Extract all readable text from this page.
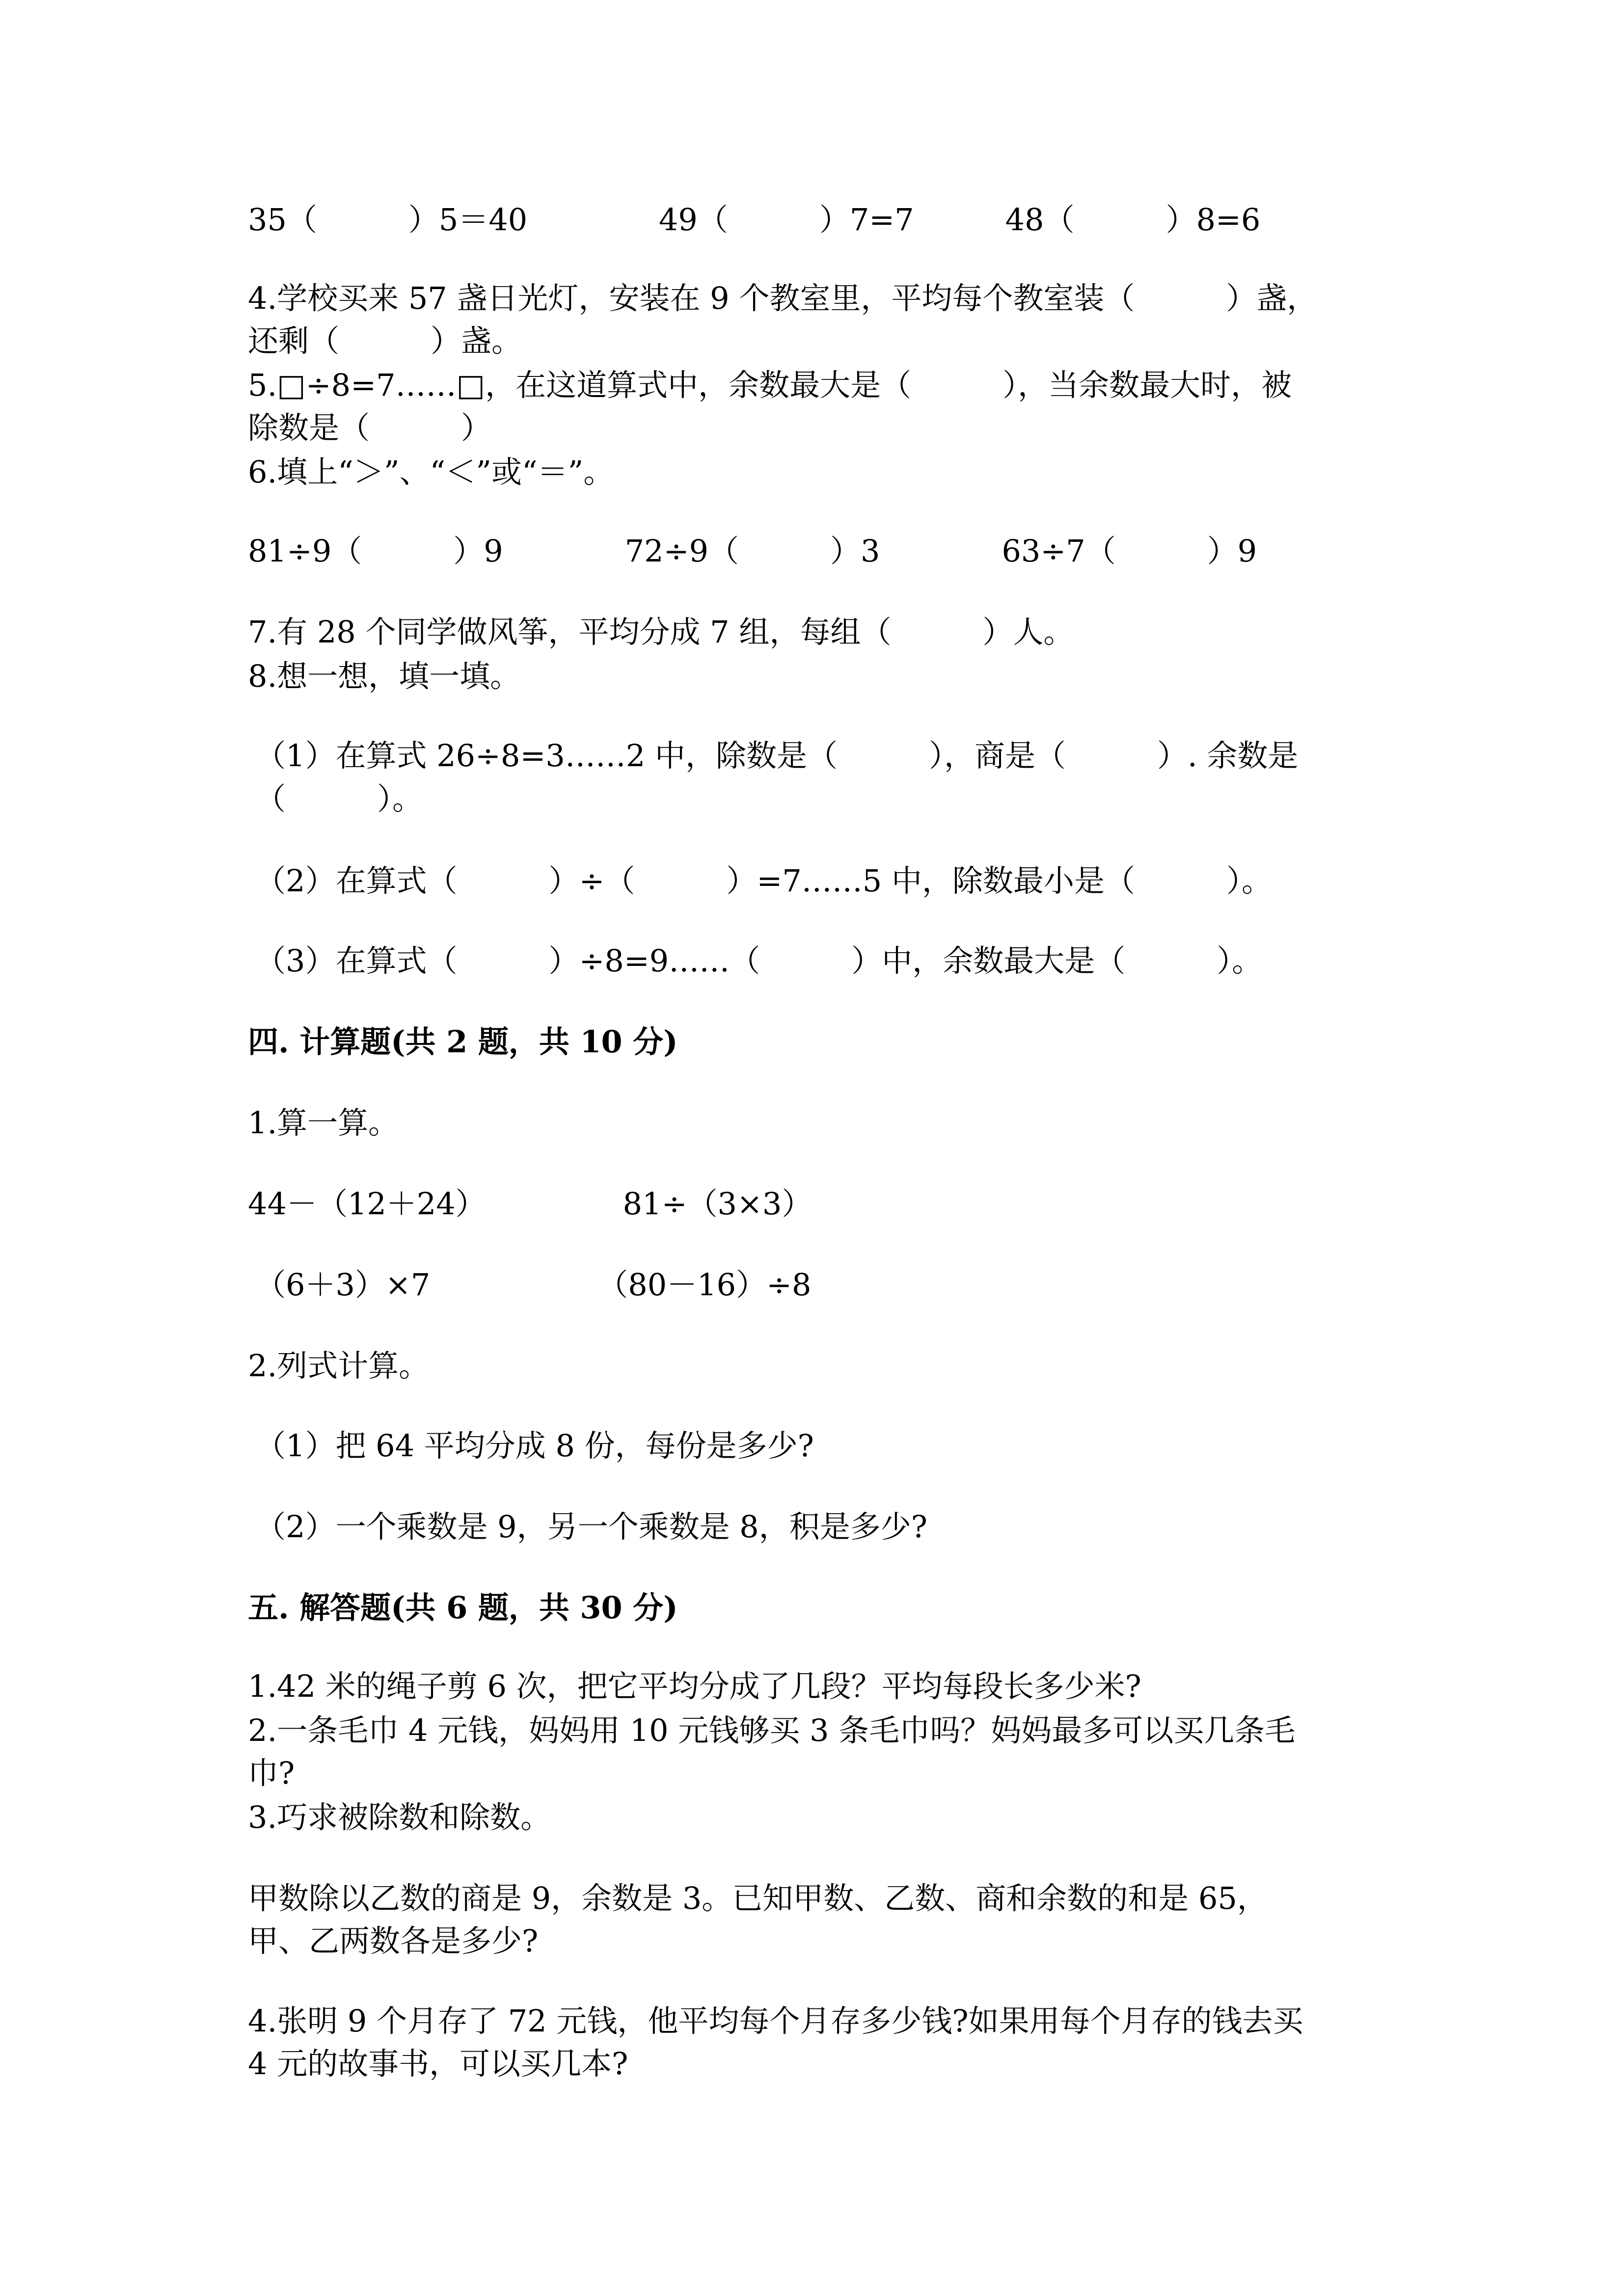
35（　　　）5＝40　　　　 49（　　　）7=7　　　48（　　　）8=6

4.学校买来 57 盏日光灯，安装在 9 个教室里，平均每个教室装（　　　）盏，

还剩（　　　）盏。

5.□÷8=7……□，在这道算式中，余数最大是（　　　），当余数最大时，被

除数是（　　　）

6.填上“＞”、“＜”或“＝”。

81÷9（　　　）9　　　　72÷9（　　　）3　　　　63÷7（　　　）9

7.有 28 个同学做风筝，平均分成 7 组，每组（　　　）人。

8.想一想，填一填。

（1）在算式 26÷8=3……2 中，除数是（　　　），商是（　　　）. 余数是

（　　　）。

（2）在算式（　　　）÷（　　　）=7……5 中，除数最小是（　　　）。

（3）在算式（　　　）÷8=9……（　　　）中，余数最大是（　　　）。

四. 计算题(共 2 题，共 10 分)

1.算一算。

44－（12＋24）　　　　　81÷（3×3）

（6＋3）×7　　　　　　（80－16）÷8

2.列式计算。

（1）把 64 平均分成 8 份，每份是多少?

（2）一个乘数是 9，另一个乘数是 8，积是多少?

五. 解答题(共 6 题，共 30 分)

1.42 米的绳子剪 6 次，把它平均分成了几段？平均每段长多少米?

2.一条毛巾 4 元钱，妈妈用 10 元钱够买 3 条毛巾吗？妈妈最多可以买几条毛

巾?

3.巧求被除数和除数。

甲数除以乙数的商是 9，余数是 3。已知甲数、乙数、商和余数的和是 65，

甲、乙两数各是多少?

4.张明 9 个月存了 72 元钱，他平均每个月存多少钱?如果用每个月存的钱去买

4 元的故事书，可以买几本?
